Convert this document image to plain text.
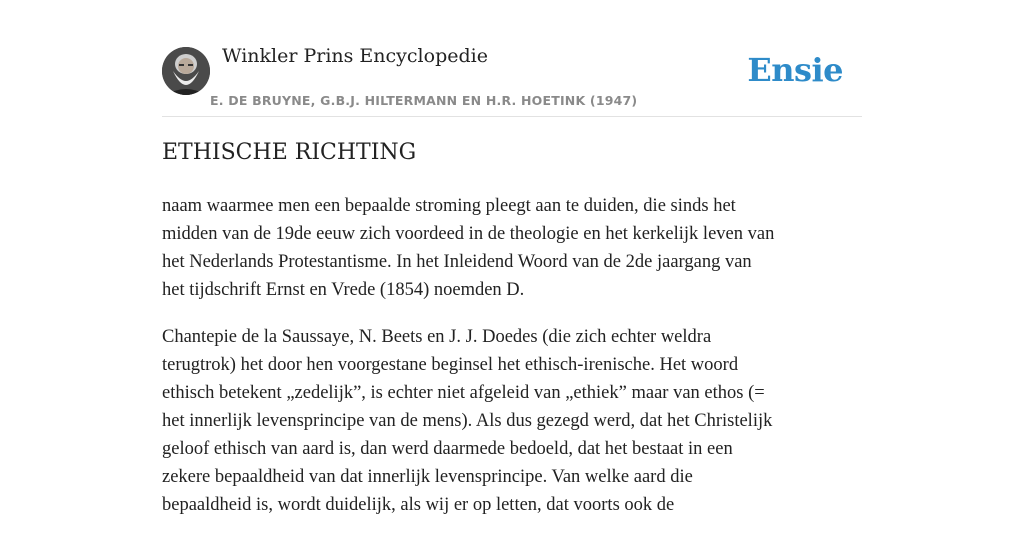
Winkler Prins Encyclopedie
E. DE BRUYNE, G.B.J. HILTERMANN EN H.R. HOETINK (1947)
Ensie
ETHISCHE RICHTING

naam waarmee men een bepaalde stroming pleegt aan te duiden, die sinds het
midden van de 19de eeuw zich voordeed in de theologie en het kerkelijk leven van
het Nederlands Protestantisme. In het Inleidend Woord van de 2de jaargang van
het tijdschrift Ernst en Vrede (1854) noemden D.

Chantepie de la Saussaye, N. Beets en J. J. Doedes (die zich echter weldra
terugtrok) het door hen voorgestane beginsel het ethisch-irenische. Het woord
ethisch betekent „zedelijk”, is echter niet afgeleid van „ethiek” maar van ethos (=
het innerlijk levensprincipe van de mens). Als dus gezegd werd, dat het Christelijk
geloof ethisch van aard is, dan werd daarmede bedoeld, dat het bestaat in een
zekere bepaaldheid van dat innerlijk levensprincipe. Van welke aard die
bepaaldheid is, wordt duidelijk, als wij er op letten, dat voorts ook de
